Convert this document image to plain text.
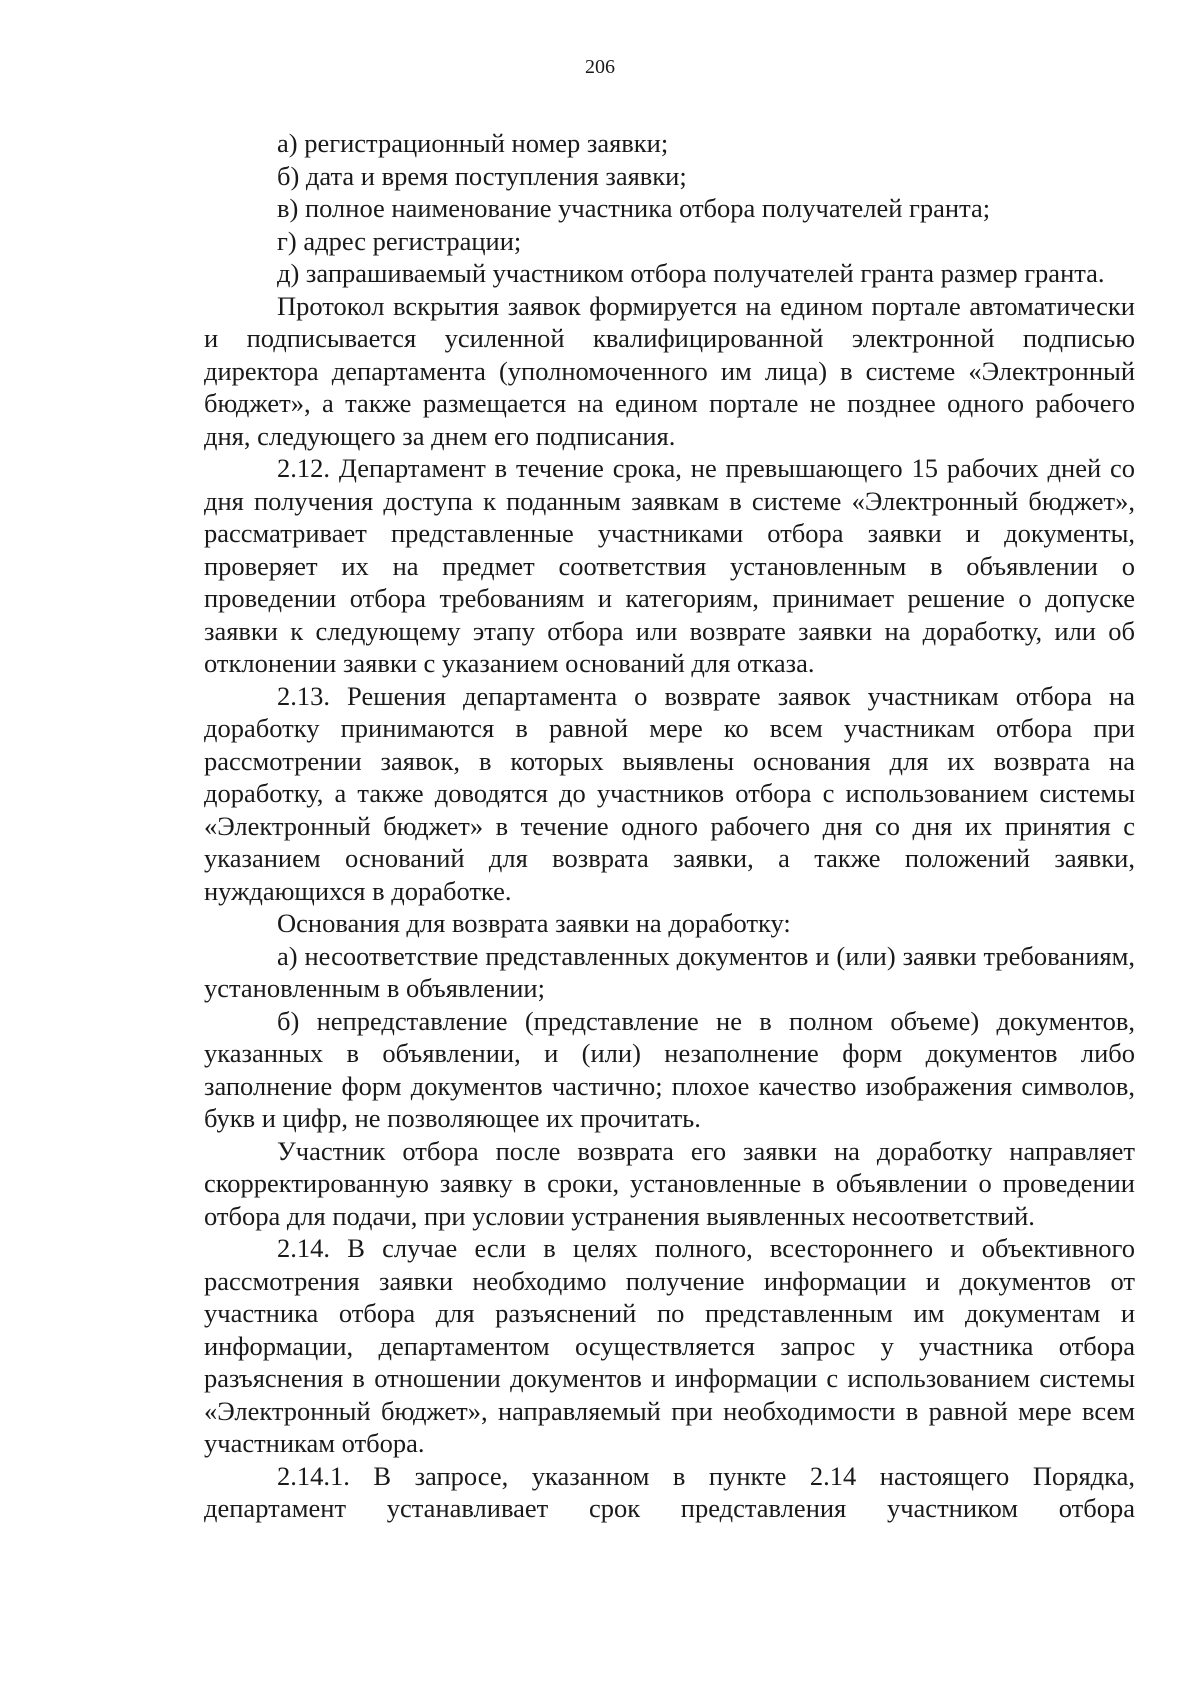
206

а) регистрационный номер заявки;

б) дата и время поступления заявки;

в) полное наименование участника отбора получателей гранта;

г) адрес регистрации;

д) запрашиваемый участником отбора получателей гранта размер гранта.

Протокол вскрытия заявок формируется на едином портале автоматически и подписывается усиленной квалифицированной электронной подписью директора департамента (уполномоченного им лица) в системе «Электронный бюджет», а также размещается на едином портале не позднее одного рабочего дня, следующего за днем его подписания.

2.12. Департамент в течение срока, не превышающего 15 рабочих дней со дня получения доступа к поданным заявкам в системе «Электронный бюджет», рассматривает представленные участниками отбора заявки и документы, проверяет их на предмет соответствия установленным в объявлении о проведении отбора требованиям и категориям, принимает решение о допуске заявки к следующему этапу отбора или возврате заявки на доработку, или об отклонении заявки с указанием оснований для отказа.

2.13. Решения департамента о возврате заявок участникам отбора на доработку принимаются в равной мере ко всем участникам отбора при рассмотрении заявок, в которых выявлены основания для их возврата на доработку, а также доводятся до участников отбора с использованием системы «Электронный бюджет» в течение одного рабочего дня со дня их принятия с указанием оснований для возврата заявки, а также положений заявки, нуждающихся в доработке.

Основания для возврата заявки на доработку:

а) несоответствие представленных документов и (или) заявки требованиям, установленным в объявлении;

б) непредставление (представление не в полном объеме) документов, указанных в объявлении, и (или) незаполнение форм документов либо заполнение форм документов частично; плохое качество изображения символов, букв и цифр, не позволяющее их прочитать.

Участник отбора после возврата его заявки на доработку направляет скорректированную заявку в сроки, установленные в объявлении о проведении отбора для подачи, при условии устранения выявленных несоответствий.

2.14. В случае если в целях полного, всестороннего и объективного рассмотрения заявки необходимо получение информации и документов от участника отбора для разъяснений по представленным им документам и информации, департаментом осуществляется запрос у участника отбора разъяснения в отношении документов и информации с использованием системы «Электронный бюджет», направляемый при необходимости в равной мере всем участникам отбора.

2.14.1. В запросе, указанном в пункте 2.14 настоящего Порядка, департамент устанавливает срок представления участником отбора
